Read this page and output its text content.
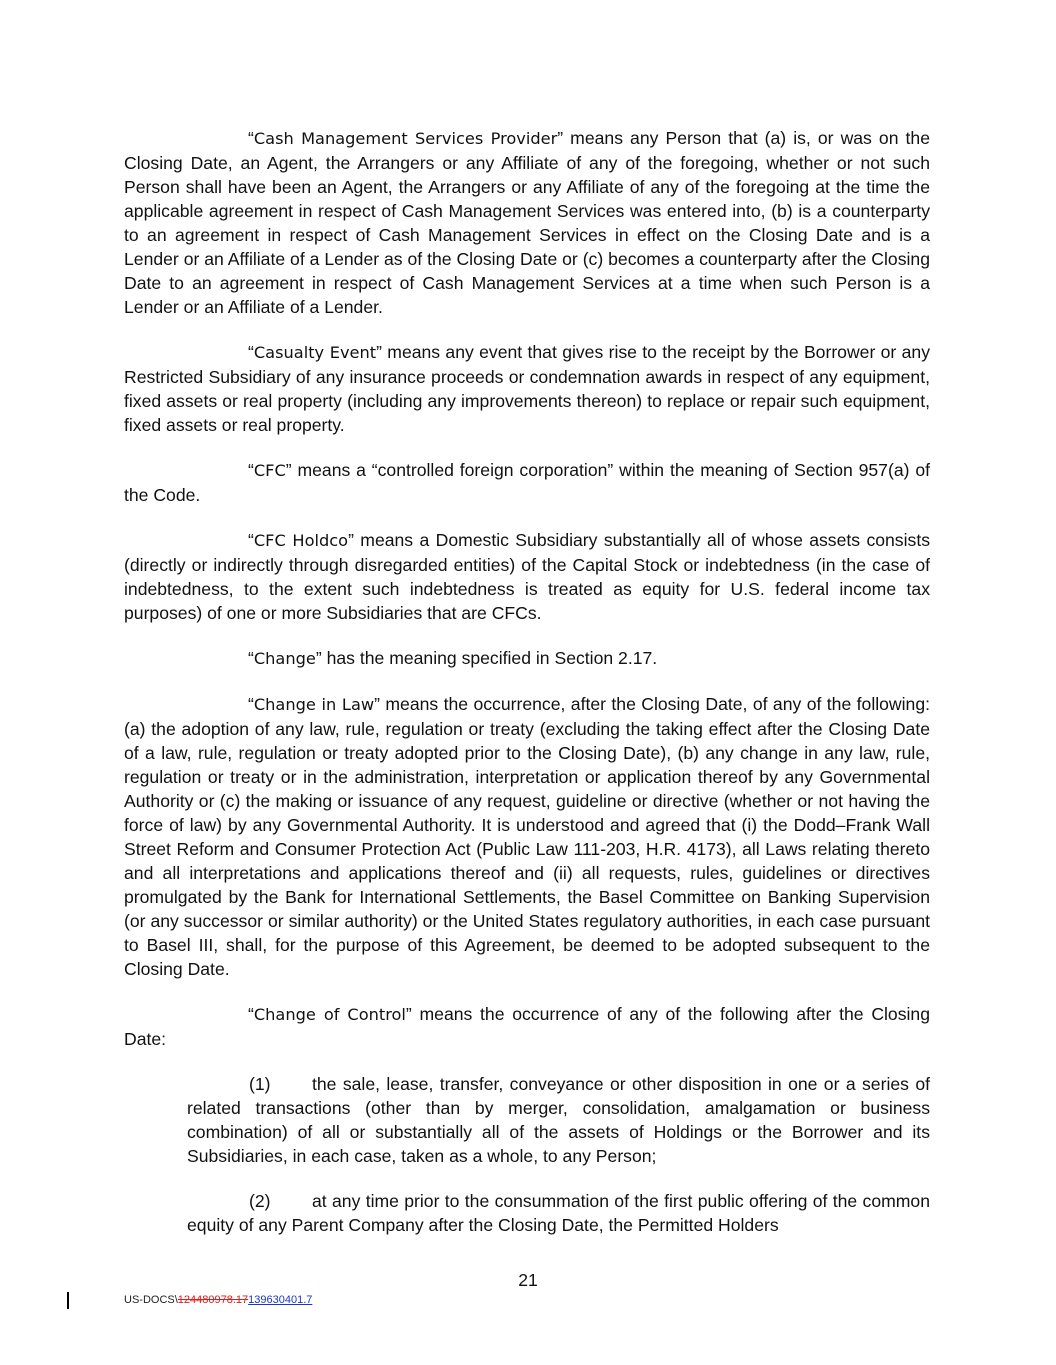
“Cash Management Services Provider” means any Person that (a) is, or was on the Closing Date, an Agent, the Arrangers or any Affiliate of any of the foregoing, whether or not such Person shall have been an Agent, the Arrangers or any Affiliate of any of the foregoing at the time the applicable agreement in respect of Cash Management Services was entered into, (b) is a counterparty to an agreement in respect of Cash Management Services in effect on the Closing Date and is a Lender or an Affiliate of a Lender as of the Closing Date or (c) becomes a counterparty after the Closing Date to an agreement in respect of Cash Management Services at a time when such Person is a Lender or an Affiliate of a Lender.

“Casualty Event” means any event that gives rise to the receipt by the Borrower or any Restricted Subsidiary of any insurance proceeds or condemnation awards in respect of any equipment, fixed assets or real property (including any improvements thereon) to replace or repair such equipment, fixed assets or real property.

“CFC” means a “controlled foreign corporation” within the meaning of Section 957(a) of the Code.

“CFC Holdco” means a Domestic Subsidiary substantially all of whose assets consists (directly or indirectly through disregarded entities) of the Capital Stock or indebtedness (in the case of indebtedness, to the extent such indebtedness is treated as equity for U.S. federal income tax purposes) of one or more Subsidiaries that are CFCs.

“Change” has the meaning specified in Section 2.17.

“Change in Law” means the occurrence, after the Closing Date, of any of the following: (a) the adoption of any law, rule, regulation or treaty (excluding the taking effect after the Closing Date of a law, rule, regulation or treaty adopted prior to the Closing Date), (b) any change in any law, rule, regulation or treaty or in the administration, interpretation or application thereof by any Governmental Authority or (c) the making or issuance of any request, guideline or directive (whether or not having the force of law) by any Governmental Authority. It is understood and agreed that (i) the Dodd–Frank Wall Street Reform and Consumer Protection Act (Public Law 111-203, H.R. 4173), all Laws relating thereto and all interpretations and applications thereof and (ii) all requests, rules, guidelines or directives promulgated by the Bank for International Settlements, the Basel Committee on Banking Supervision (or any successor or similar authority) or the United States regulatory authorities, in each case pursuant to Basel III, shall, for the purpose of this Agreement, be deemed to be adopted subsequent to the Closing Date.

“Change of Control” means the occurrence of any of the following after the Closing Date:

(1) the sale, lease, transfer, conveyance or other disposition in one or a series of related transactions (other than by merger, consolidation, amalgamation or business combination) of all or substantially all of the assets of Holdings or the Borrower and its Subsidiaries, in each case, taken as a whole, to any Person;

(2) at any time prior to the consummation of the first public offering of the common equity of any Parent Company after the Closing Date, the Permitted Holders

21
US-DOCS\124480978.17139630401.7
